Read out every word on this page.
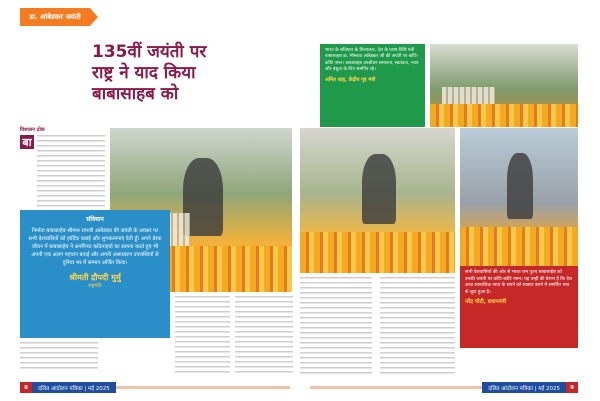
डा. आंबेडकर जयंती
135वीं जयंती पर
राष्ट्र ने याद किया
बाबासाहब को
विशालन ठोक
बा
संविधान
निर्माता बाबासाहेब श्रीमाम रामजी आंबेडकर की जयंती के अवसर पर सभी देशवासियों को हार्दिक बधाई और शुभकामनाएं देती हूँ। अपने प्रेरक जीवन में बाबासाहेब ने अनगिनत कठिनाइयों का सामना करते हुए भी अपनी एक अलग पहचान बनाई और अपनी असाधारण उपलब्धियों से दुनिया भर में सम्मान अर्जित किया।
श्रीमती द्रौपदी मुर्मु
राष्ट्रपति
भारत के संविधान के शिल्पकार, देश के प्रथम विधि मंत्री बाबासाहब डा. भीमराव आंबेडकर जी की जयंती पर कोटि-कोटि नमन। बाबासाहब आजीवन समानता, स्वतंत्रता, न्याय और बंधुता के लिए समर्पित रहे।
अमित शाह, केंद्रीय गृह मंत्री
सभी देशवासियों की ओर से भारत रत्न पूज्य बाबासाहेब को उनकी जयंती पर कोटि-कोटि नमन। यह उन्हीं की प्रेरणा है कि देश आज सामाजिक न्याय के सपने को साकार करने में समर्पित भाव से जुटा हुआ है।
नरेंद्र मोदी, प्रधानमंत्री
8	दलित आंदोलन पत्रिका | मई 2025	दलित आंदोलन पत्रिका | मई 2025	9
